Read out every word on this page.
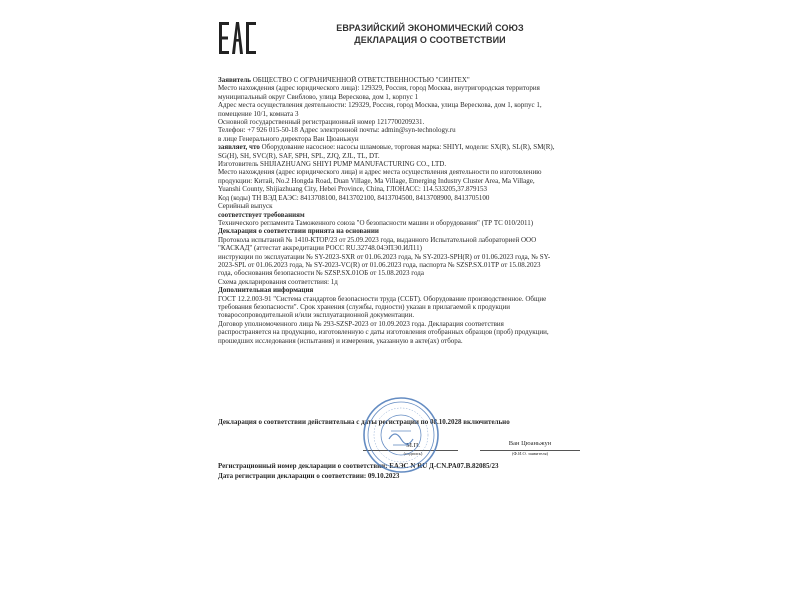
ЕВРАЗИЙСКИЙ ЭКОНОМИЧЕСКИЙ СОЮЗ
ДЕКЛАРАЦИЯ О СООТВЕТСТВИИ

Заявитель ОБЩЕСТВО С ОГРАНИЧЕННОЙ ОТВЕТСТВЕННОСТЬЮ "СИНТЕХ"

Место нахождения (адрес юридического лица): 129329, Россия, город Москва, внутригородская территория

муниципальный округ Свиблово, улица Верескова, дом 1, корпус 1

Адрес места осуществления деятельности: 129329, Россия, город Москва, улица Верескова, дом 1, корпус 1,

помещение 10/1, комната 3

Основной государственный регистрационный номер 1217700209231.

Телефон: +7 926 015-50-18 Адрес электронной почты: admin@syn-technology.ru

в лице Генерального директора Ван Цюаньжун

заявляет, что Оборудование насосное: насосы шламовые, торговая марка: SHIYI, модели: SX(R), SL(R), SM(R),

SG(H), SH, SVC(R), SAF, SPH, SPL, ZJQ, ZJL, TL, DT.

Изготовитель SHIJIAZHUANG SHIYI PUMP MANUFACTURING CO., LTD.

Место нахождения (адрес юридического лица) и адрес места осуществления деятельности по изготовлению

продукции: Китай, No.2 Hongda Road, Duan Village, Ma Village, Emerging Industry Cluster Area, Ma Village,

Yuanshi County, Shijiazhuang City, Hebei Province, China, ГЛОНАСС: 114.533205,37.879153

Код (коды) ТН ВЭД ЕАЭС: 8413708100, 8413702100, 8413704500, 8413708900, 8413705100

Серийный выпуск

соответствует требованиям

Технического регламента Таможенного союза "О безопасности машин и оборудования" (ТР ТС 010/2011)

Декларация о соответствии принята на основании

Протокола испытаний № 1410-КТОР/23 от 25.09.2023 года, выданного Испытательной лабораторией ООО

"КАСКАД" (аттестат аккредитации РОСС RU.32748.04ЭПЭ0.ИЛ11)

инструкции по эксплуатации № SY-2023-SXR от 01.06.2023 года, № SY-2023-SPH(R) от 01.06.2023 года, № SY-

2023-SPL от 01.06.2023 года, № SY-2023-VC(R) от 01.06.2023 года, паспорта № SZSP.SX.01ТР от 15.08.2023

года, обоснования безопасности № SZSP.SX.01ОБ от 15.08.2023 года

Схема декларирования соответствия: 1д

Дополнительная информация

ГОСТ 12.2.003-91 "Система стандартов безопасности труда (ССБТ). Оборудование производственное. Общие

требования безопасности". Срок хранения (службы, годности) указан в прилагаемой к продукции

товаросопроводительной и/или эксплуатационной документации.

Договор уполномоченного лица № 293-SZSP-2023 от 10.09.2023 года. Декларация соответствия

распространяется на продукцию, изготовленную с даты изготовления отобранных образцов (проб) продукции,

прошедших исследования (испытания) и измерения, указанную в акте(ах) отбора.

Декларация о соответствии действительна с даты регистрации по 08.10.2028 включительно
М.П.
(подпись)
Ван Цюаньжун
(Ф.И.О. заявителя)
Регистрационный номер декларации о соответствии: ЕАЭС N RU Д-CN.PA07.B.82085/23
Дата регистрации декларации о соответствии: 09.10.2023
